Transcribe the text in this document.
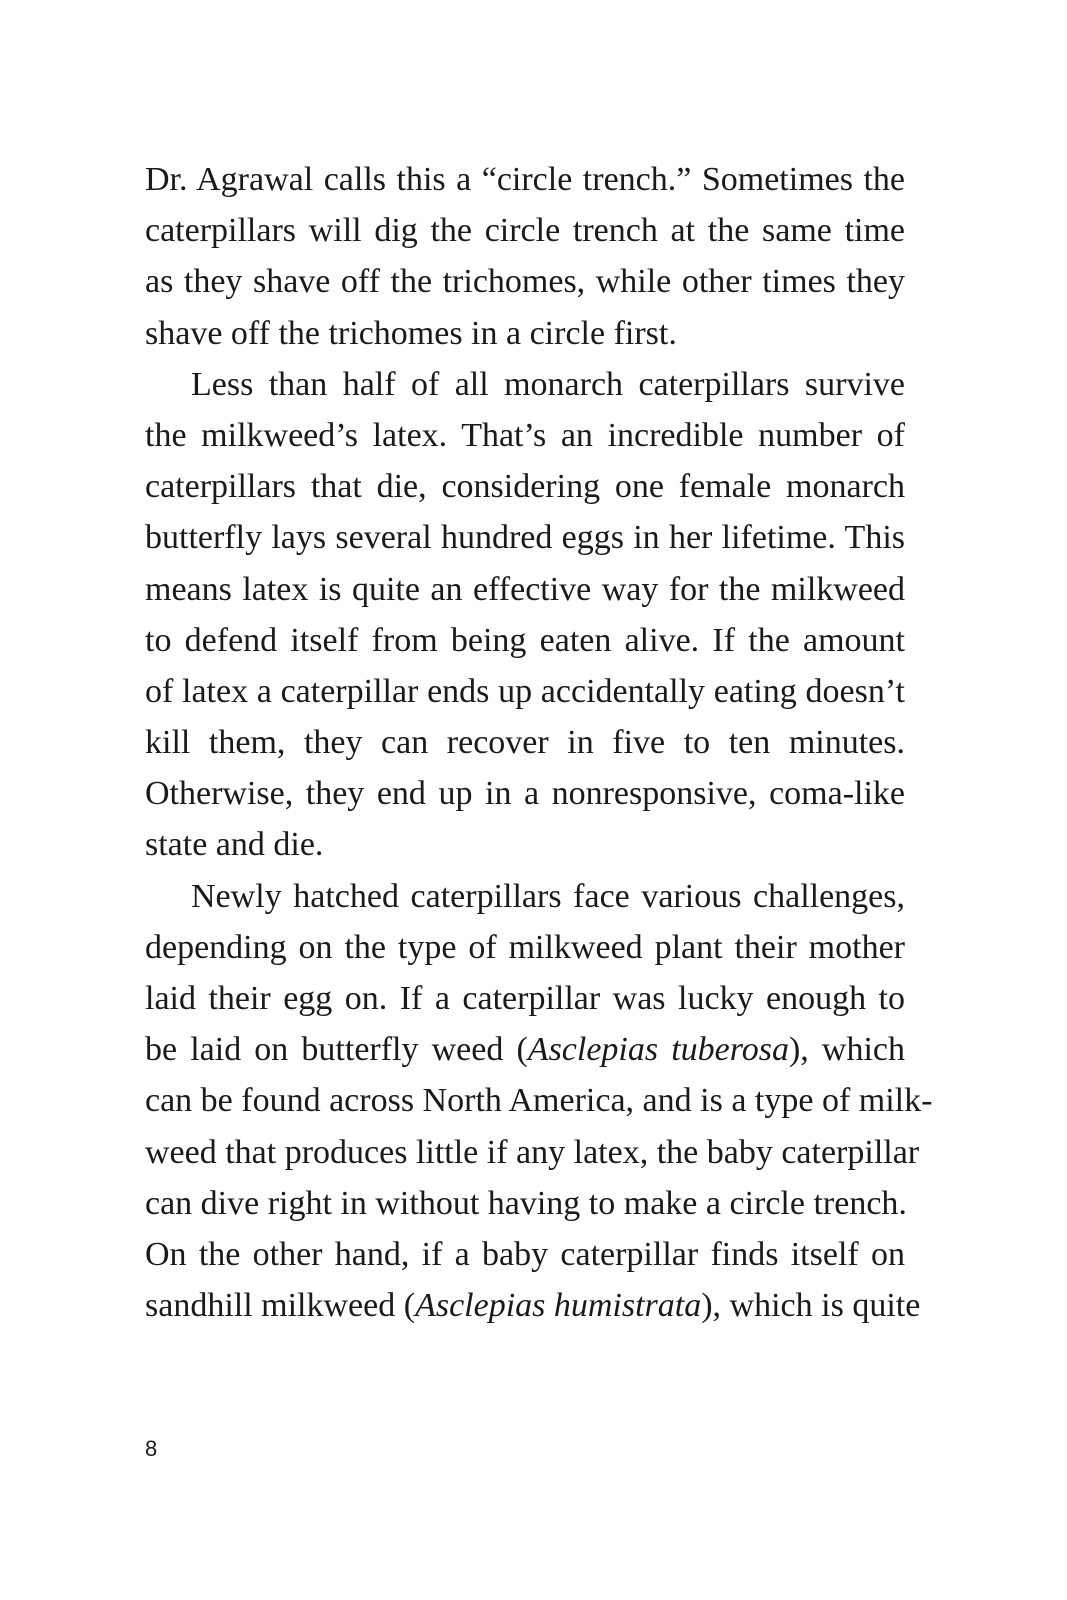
Dr. Agrawal calls this a “circle trench.” Sometimes the
caterpillars will dig the circle trench at the same time
as they shave off the trichomes, while other times they
shave off the trichomes in a circle first.
Less than half of all monarch caterpillars survive
the milkweed’s latex. That’s an incredible number of
caterpillars that die, considering one female monarch
butterfly lays several hundred eggs in her lifetime. This
means latex is quite an effective way for the milkweed
to defend itself from being eaten alive. If the amount
of latex a caterpillar ends up accidentally eating doesn’t
kill them, they can recover in five to ten minutes.
Otherwise, they end up in a nonresponsive, coma-like
state and die.
Newly hatched caterpillars face various challenges,
depending on the type of milkweed plant their mother
laid their egg on. If a caterpillar was lucky enough to
be laid on butterfly weed (Asclepias tuberosa), which
can be found across North America, and is a type of milk-
weed that produces little if any latex, the baby caterpillar
can dive right in without having to make a circle trench.
On the other hand, if a baby caterpillar finds itself on
sandhill milkweed (Asclepias humistrata), which is quite
8
